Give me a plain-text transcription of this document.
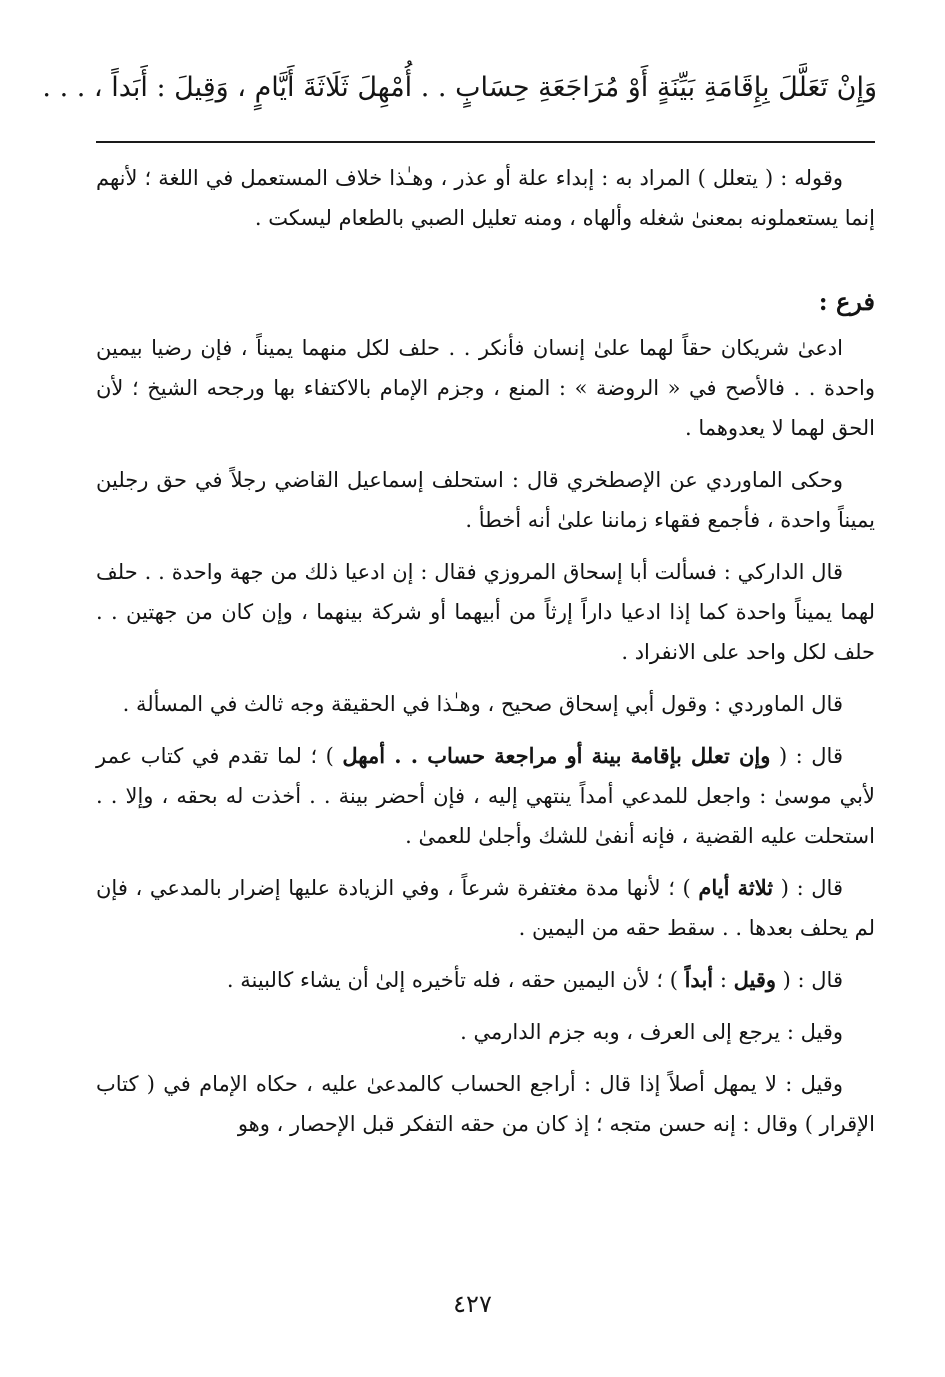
وَإِنْ تَعَلَّلَ بِإِقَامَةِ بَيِّنَةٍ أَوْ مُرَاجَعَةِ حِسَابٍ . . أُمْهِلَ ثَلَاثَةَ أَيَّامٍ ، وَقِيلَ : أَبَداً ، . . .

وقوله : ( يتعلل ) المراد به : إبداء علة أو عذر ، وهـٰذا خلاف المستعمل في اللغة ؛ لأنهم إنما يستعملونه بمعنىٰ شغله وألهاه ، ومنه تعليل الصبي بالطعام ليسكت .

فرع :

ادعىٰ شريكان حقاً لهما علىٰ إنسان فأنكر . . حلف لكل منهما يميناً ، فإن رضيا بيمين واحدة . . فالأصح في « الروضة » : المنع ، وجزم الإمام بالاكتفاء بها ورجحه الشيخ ؛ لأن الحق لهما لا يعدوهما .

وحكى الماوردي عن الإصطخري قال : استحلف إسماعيل القاضي رجلاً في حق رجلين يميناً واحدة ، فأجمع فقهاء زماننا علىٰ أنه أخطأ .

قال الداركي : فسألت أبا إسحاق المروزي فقال : إن ادعيا ذلك من جهة واحدة . . حلف لهما يميناً واحدة كما إذا ادعيا داراً إرثاً من أبيهما أو شركة بينهما ، وإن كان من جهتين . . حلف لكل واحد على الانفراد .

قال الماوردي : وقول أبي إسحاق صحيح ، وهـٰذا في الحقيقة وجه ثالث في المسألة .

قال : ( وإن تعلل بإقامة بينة أو مراجعة حساب . . أمهل ) ؛ لما تقدم في كتاب عمر لأبي موسىٰ : واجعل للمدعي أمداً ينتهي إليه ، فإن أحضر بينة . . أخذت له بحقه ، وإلا . . استحلت عليه القضية ، فإنه أنفىٰ للشك وأجلىٰ للعمىٰ .

قال : ( ثلاثة أيام ) ؛ لأنها مدة مغتفرة شرعاً ، وفي الزيادة عليها إضرار بالمدعي ، فإن لم يحلف بعدها . . سقط حقه من اليمين .

قال : ( وقيل : أبداً ) ؛ لأن اليمين حقه ، فله تأخيره إلىٰ أن يشاء كالبينة .

وقيل : يرجع إلى العرف ، وبه جزم الدارمي .

وقيل : لا يمهل أصلاً إذا قال : أراجع الحساب كالمدعىٰ عليه ، حكاه الإمام في ( كتاب الإقرار ) وقال : إنه حسن متجه ؛ إذ كان من حقه التفكر قبل الإحصار ، وهو

٤٢٧
